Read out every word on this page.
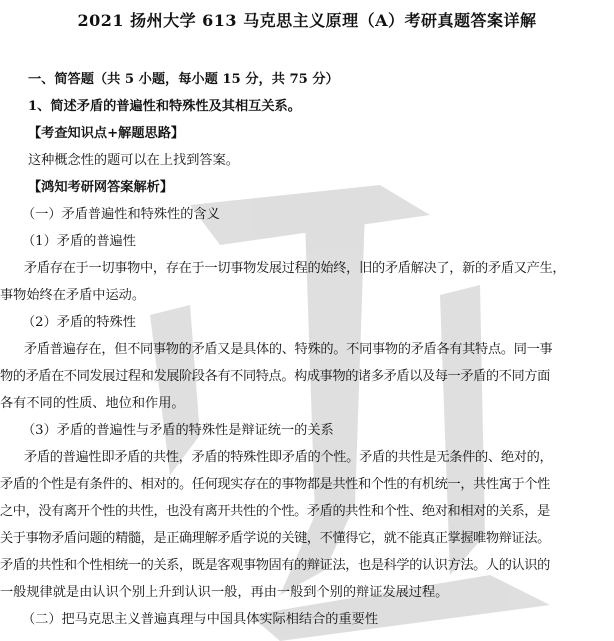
2021 扬州大学 613 马克思主义原理（A）考研真题答案详解
一、简答题（共 5 小题，每小题 15 分，共 75 分）
1、简述矛盾的普遍性和特殊性及其相互关系。
【考查知识点+解题思路】
这种概念性的题可以在上找到答案。
【鸿知考研网答案解析】
（一）矛盾普遍性和特殊性的含义
（1）矛盾的普遍性
矛盾存在于一切事物中，存在于一切事物发展过程的始终，旧的矛盾解决了，新的矛盾又产生，
事物始终在矛盾中运动。
（2）矛盾的特殊性
矛盾普遍存在，但不同事物的矛盾又是具体的、特殊的。不同事物的矛盾各有其特点。同一事
物的矛盾在不同发展过程和发展阶段各有不同特点。构成事物的诸多矛盾以及每一矛盾的不同方面
各有不同的性质、地位和作用。
（3）矛盾的普遍性与矛盾的特殊性是辩证统一的关系
矛盾的普遍性即矛盾的共性，矛盾的特殊性即矛盾的个性。矛盾的共性是无条件的、绝对的，
矛盾的个性是有条件的、相对的。任何现实存在的事物都是共性和个性的有机统一，共性寓于个性
之中，没有离开个性的共性，也没有离开共性的个性。矛盾的共性和个性、绝对和相对的关系，是
关于事物矛盾问题的精髓，是正确理解矛盾学说的关键，不懂得它，就不能真正掌握唯物辩证法。
矛盾的共性和个性相统一的关系，既是客观事物固有的辩证法，也是科学的认识方法。人的认识的
一般规律就是由认识个别上升到认识一般，再由一般到个别的辩证发展过程。
（二）把马克思主义普遍真理与中国具体实际相结合的重要性
